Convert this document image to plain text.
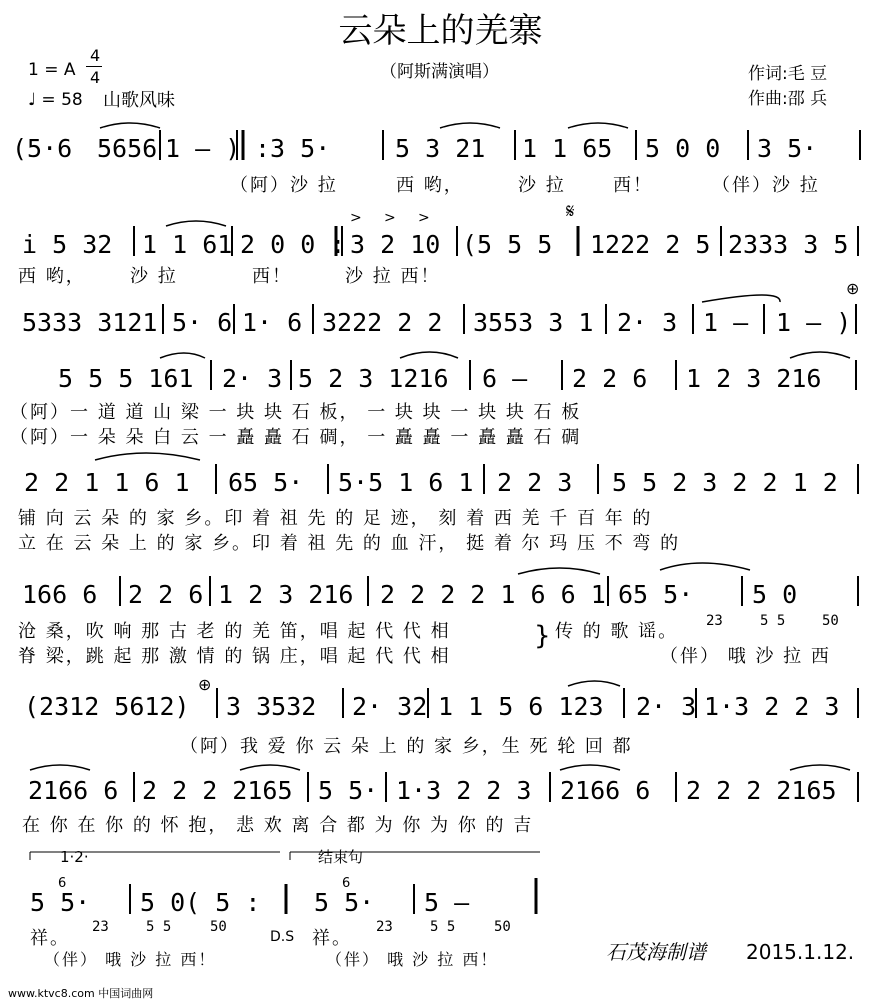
云朵上的羌寨
1 = A
4
4
♩ = 58 山歌风味
（阿斯满演唱）	作词:毛 豆
作曲:邵 兵
(5·6 5656 1 – ) :3 5·	5 3 21 1 1 65 5 0 0 3 5·
（阿）沙 拉	西 哟，	沙 拉	西！	（伴）沙 拉
i 5 32 1 1 61 2 0 0 : 3 2 10 (5 5 5 1222 2 5 2333 3 5
西 哟， 沙 拉	西！	沙 拉 西！
5333 3121 5· 6 1· 6 3222 2 2 3553 3 1 2· 3 1 – 1 – )
5 5 5 161 2· 3 5 2 3 1216 6 – 2 2 6 1 2 3 216
（阿）一 道 道 山 梁 一 块 块 石 板， 一 块 块 一 块 块 石 板
（阿）一 朵 朵 白 云 一 矗 矗 石 碉， 一 矗 矗 一 矗 矗 石 碉
2 2 1 1 6 1 65 5· 5·5 1 6 1 2 2 3 5 5 2 3 2 2 1 2
铺 向 云 朵 的 家 乡。印 着 祖 先 的 足 迹， 刻 着 西 羌 千 百 年 的
立 在 云 朵 上 的 家 乡。印 着 祖 先 的 血 汗， 挺 着 尔 玛 压 不 弯 的
166 6 2 2 6 1 2 3 216 2 2 2 2 1 6 6 1 65 5· 5 0
沧 桑，吹 响 那 古 老 的 羌 笛，唱 起 代 代 相	传 的 歌 谣。
脊 梁，跳 起 那 激 情 的 锅 庄，唱 起 代 代 相	（伴） 哦 沙 拉 西
}	23	5 5	50
(2312 5612) 3 3532 2· 32 1 1 5 6 123 2· 3 1·3 2 2 3
（阿）我 爱 你 云 朵 上 的 家 乡，生 死 轮 回 都
2166 6 2 2 2 2165 5 5· 1·3 2 2 3 2166 6 2 2 2 2165
在 你 在 你 的 怀 抱， 悲 欢 离 合 都 为 你 为 你 的 吉
1·2·	结束句
6	6
5 5· 5 0( 5 : 5 5· 5 –
祥。	D.S 祥。
（伴） 哦 沙 拉 西！	（伴） 哦 沙 拉 西！
23	5 5	50	23	5 5	50
石茂海制谱 2015.1.12.
www.ktvc8.com 中国词曲网
𝄋
⊕
⊕
> > >
